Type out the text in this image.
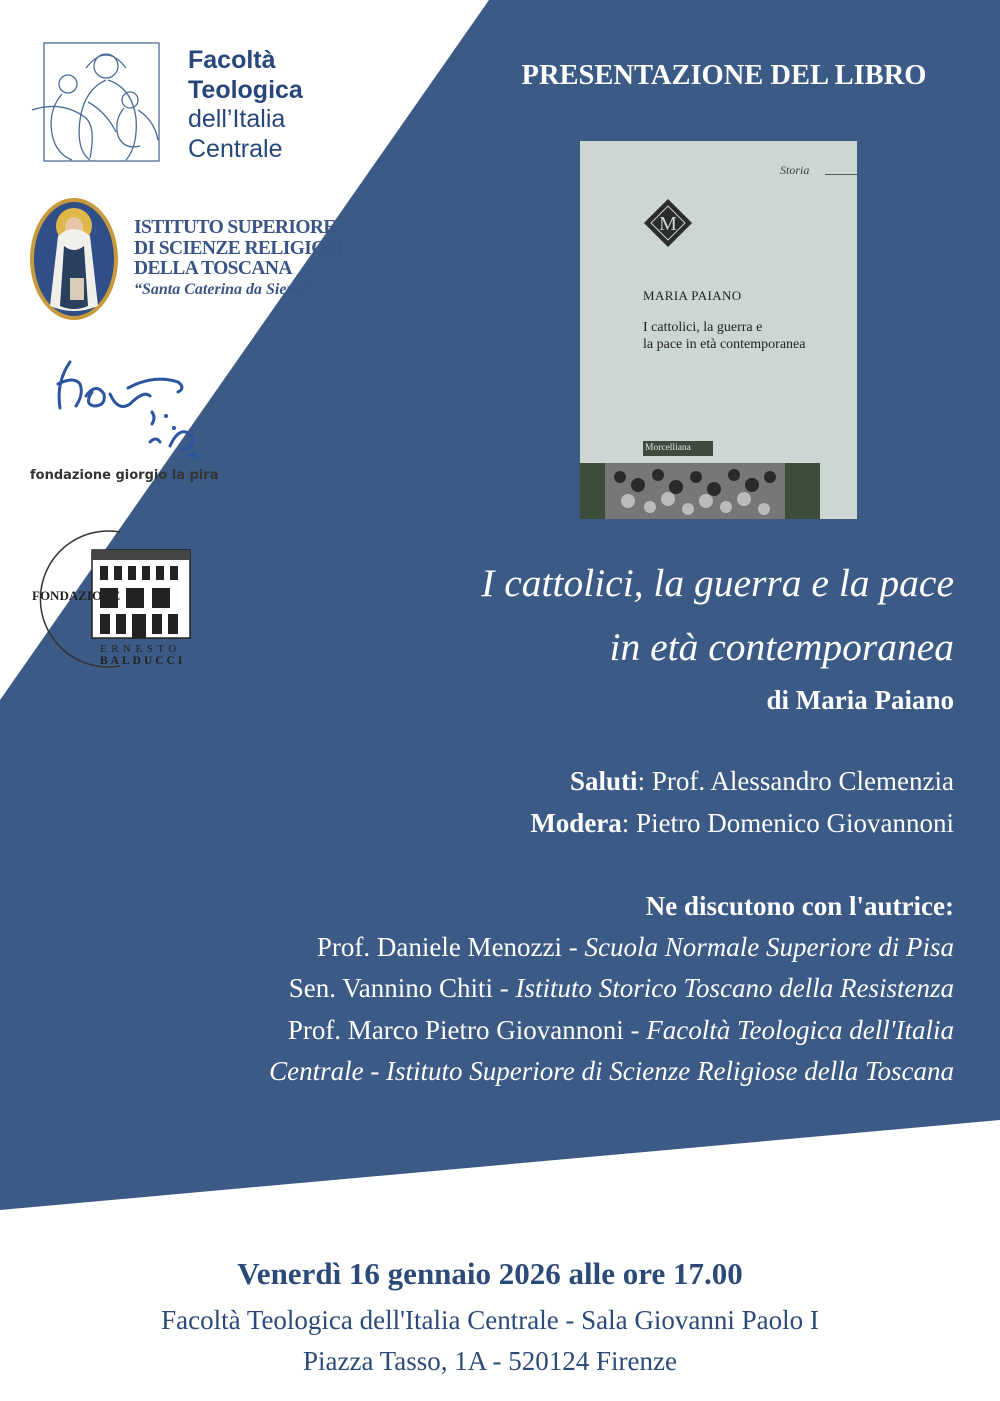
Facoltà
Teologica
dell’Italia
Centrale
ISTITUTO SUPERIORE
DI SCIENZE RELIGIOSE
DELLA TOSCANA
“Santa Caterina da Siena”
fondazione giorgio la pira
FONDAZIONE
ERNESTO
BALDUCCI
PRESENTAZIONE DEL LIBRO
Storia
M
MARIA PAIANO
I cattolici, la guerra e
la pace in età contemporanea
Morcelliana
I cattolici, la guerra e la pace
in età contemporanea
di Maria Paiano
Saluti: Prof. Alessandro Clemenzia
Modera: Pietro Domenico Giovannoni
Ne discutono con l'autrice:
Prof. Daniele Menozzi - Scuola Normale Superiore di Pisa
Sen. Vannino Chiti - Istituto Storico Toscano della Resistenza
Prof. Marco Pietro Giovannoni - Facoltà Teologica dell'Italia
Centrale - Istituto Superiore di Scienze Religiose della Toscana
Venerdì 16 gennaio 2026 alle ore 17.00
Facoltà Teologica dell'Italia Centrale - Sala Giovanni Paolo I
Piazza Tasso, 1A - 520124 Firenze
